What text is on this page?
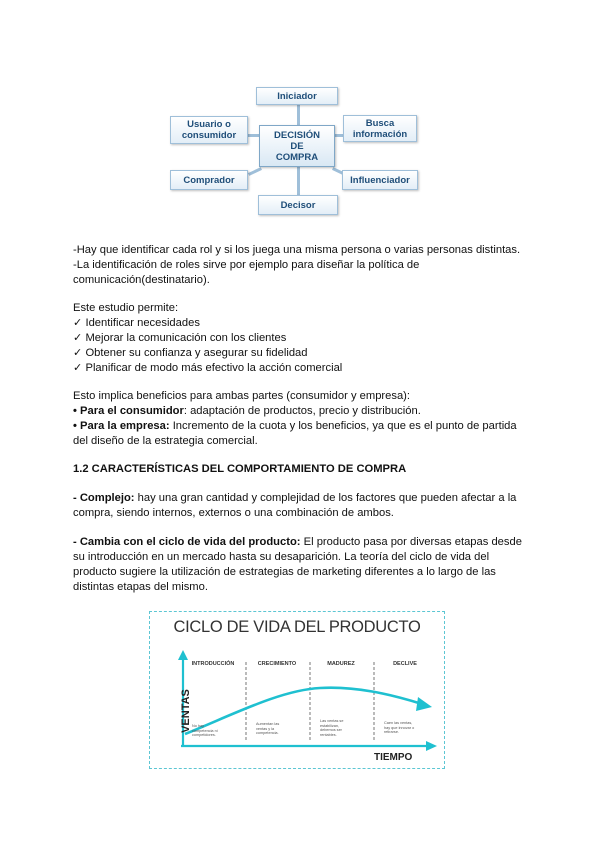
Iniciador
Usuario o consumidor	DECISIÓN DE COMPRA
Busca información
Comprador	Influenciador
Decisor

-Hay que identificar cada rol y si los juega una misma persona o varias personas distintas.

-La identificación de roles sirve por ejemplo para diseñar la política de

comunicación(destinatario).

Este estudio permite:

✓ Identificar necesidades

✓ Mejorar la comunicación con los clientes

✓ Obtener su confianza y asegurar su fidelidad

✓ Planificar de modo más efectivo la acción comercial

Esto implica beneficios para ambas partes (consumidor y empresa):

• Para el consumidor: adaptación de productos, precio y distribución.

• Para la empresa: Incremento de la cuota y los beneficios, ya que es el punto de partida

del diseño de la estrategia comercial.

1.2 CARACTERÍSTICAS DEL COMPORTAMIENTO DE COMPRA

- Complejo: hay una gran cantidad y complejidad de los factores que pueden afectar a la

compra, siendo internos, externos o una combinación de ambos.

- Cambia con el ciclo de vida del producto: El producto pasa por diversas etapas desde

su introducción en un mercado hasta su desaparición. La teoría del ciclo de vida del

producto sugiere la utilización de estrategias de marketing diferentes a lo largo de las

distintas etapas del mismo.

CICLO DE VIDA DEL PRODUCTO
INTRODUCCIÓN	CRECIMIENTO	MADUREZ	DECLIVE
No hay competencia ni competidores.
Aumentan las ventas y la competencia.
Las ventas se estabilizan, debemos ser rentables.
Caen las ventas, hay que innovar o retirarse.
VENTAS
TIEMPO
